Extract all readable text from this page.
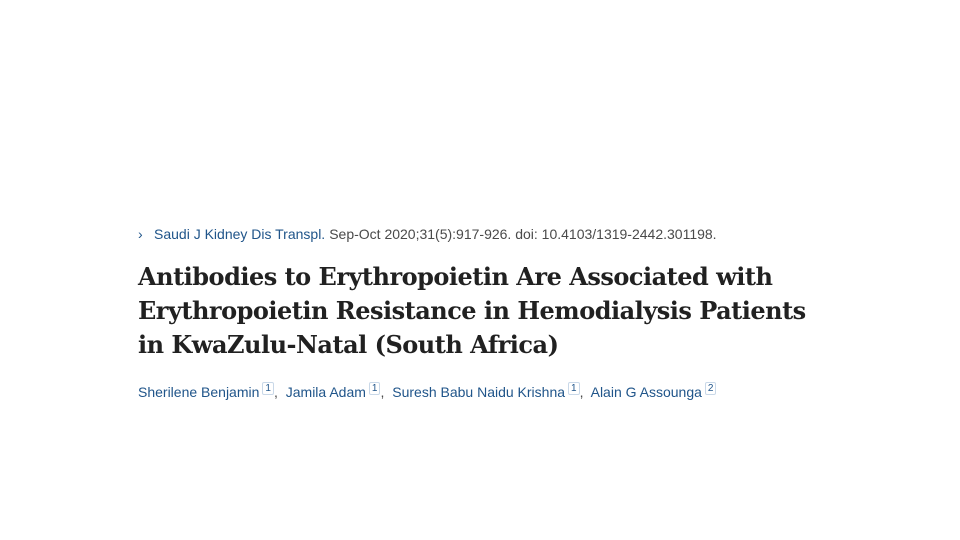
› Saudi J Kidney Dis Transpl. Sep-Oct 2020;31(5):917-926. doi: 10.4103/1319-2442.301198.
Antibodies to Erythropoietin Are Associated with
Erythropoietin Resistance in Hemodialysis Patients
in KwaZulu-Natal (South Africa)
Sherilene Benjamin 1 , Jamila Adam 1 , Suresh Babu Naidu Krishna 1 , Alain G Assounga 2
